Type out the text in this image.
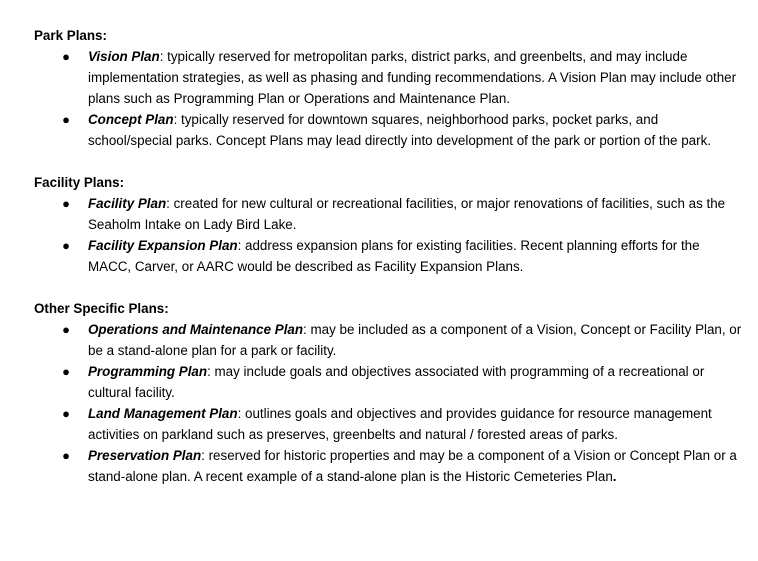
Park Plans:

● Vision Plan: typically reserved for metropolitan parks, district parks, and greenbelts, and may include implementation strategies, as well as phasing and funding recommendations. A Vision Plan may include other plans such as Programming Plan or Operations and Maintenance Plan.
● Concept Plan: typically reserved for downtown squares, neighborhood parks, pocket parks, and school/special parks. Concept Plans may lead directly into development of the park or portion of the park.

Facility Plans:

● Facility Plan: created for new cultural or recreational facilities, or major renovations of facilities, such as the Seaholm Intake on Lady Bird Lake.
● Facility Expansion Plan: address expansion plans for existing facilities. Recent planning efforts for the MACC, Carver, or AARC would be described as Facility Expansion Plans.

Other Specific Plans:

● Operations and Maintenance Plan: may be included as a component of a Vision, Concept or Facility Plan, or be a stand-alone plan for a park or facility.
● Programming Plan: may include goals and objectives associated with programming of a recreational or cultural facility.
● Land Management Plan: outlines goals and objectives and provides guidance for resource management activities on parkland such as preserves, greenbelts and natural / forested areas of parks.
● Preservation Plan: reserved for historic properties and may be a component of a Vision or Concept Plan or a stand-alone plan. A recent example of a stand-alone plan is the Historic Cemeteries Plan.
